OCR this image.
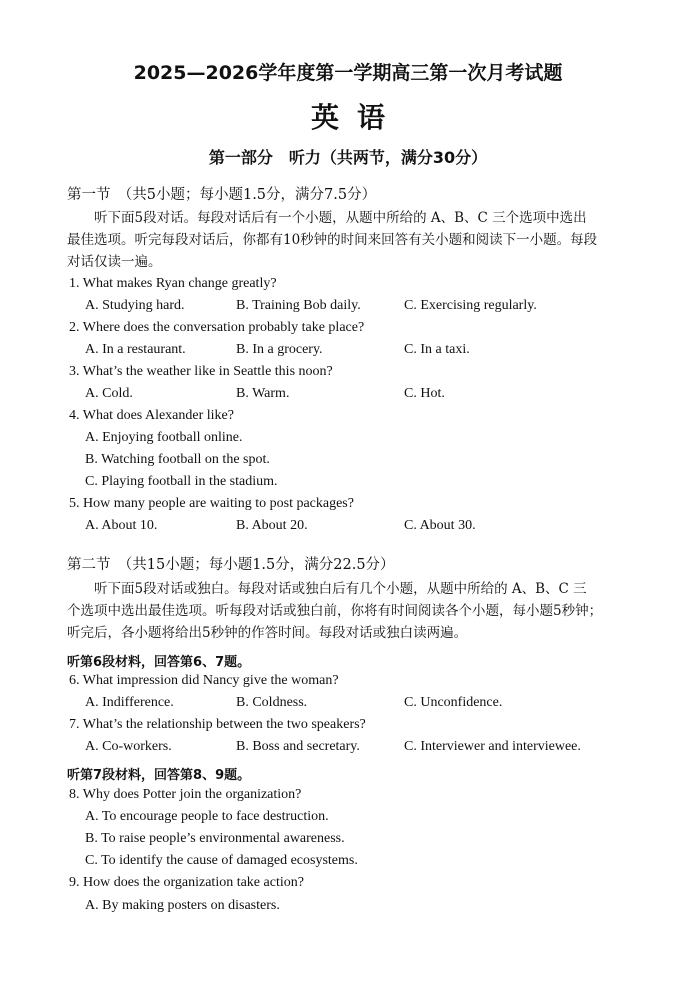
2025—2026学年度第一学期高三第一次月考试题
英语
第一部分　听力（共两节，满分30分）
第一节　（共5小题；每小题1.5分，满分7.5分）
　　听下面5段对话。每段对话后有一个小题，从题中所给的 A、B、C 三个选项中选出
最佳选项。听完每段对话后，你都有10秒钟的时间来回答有关小题和阅读下一小题。每段
对话仅读一遍。
1. What makes Ryan change greatly?
A. Studying hard.	B. Training Bob daily.	C. Exercising regularly.
2. Where does the conversation probably take place?
A. In a restaurant.	B. In a grocery.	C. In a taxi.
3. What’s the weather like in Seattle this noon?
A. Cold.	B. Warm.	C. Hot.
4. What does Alexander like?
A. Enjoying football online.
B. Watching football on the spot.
C. Playing football in the stadium.
5. How many people are waiting to post packages?
A. About 10.	B. About 20.	C. About 30.
第二节　（共15小题；每小题1.5分，满分22.5分）
　　听下面5段对话或独白。每段对话或独白后有几个小题，从题中所给的 A、B、C 三
个选项中选出最佳选项。听每段对话或独白前，你将有时间阅读各个小题，每小题5秒钟；
听完后，各小题将给出5秒钟的作答时间。每段对话或独白读两遍。
听第6段材料，回答第6、7题。
6. What impression did Nancy give the woman?
A. Indifference.	B. Coldness.	C. Unconfidence.
7. What’s the relationship between the two speakers?
A. Co-workers.	B. Boss and secretary.	C. Interviewer and interviewee.
听第7段材料，回答第8、9题。
8. Why does Potter join the organization?
A. To encourage people to face destruction.
B. To raise people’s environmental awareness.
C. To identify the cause of damaged ecosystems.
9. How does the organization take action?
A. By making posters on disasters.
